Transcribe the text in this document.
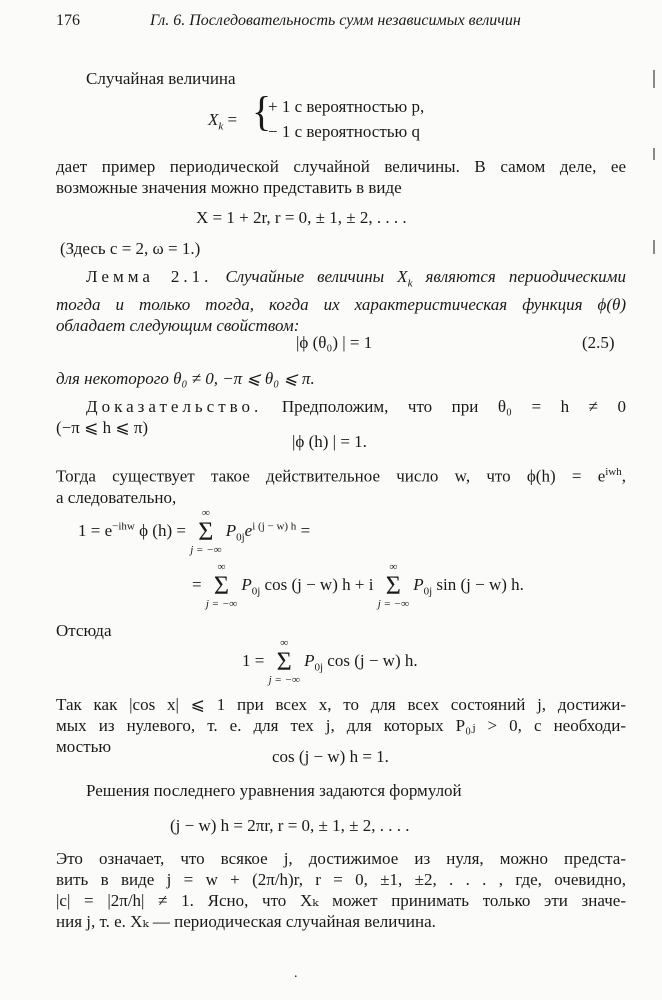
176	Гл. 6. Последовательность сумм независимых величин
Случайная величина
$X_k$ = {
+ 1 с вероятностью p,
− 1 с вероятностью q

дает пример периодической случайной величины. В самом деле, ее

возможные значения можно представить в виде

X = 1 + 2r, r = 0, ± 1, ± 2, . . . .
(Здесь c = 2, ω = 1.)

Лемма 2.1. Случайные величины $X_k$ являются периодическими

тогда и только тогда, когда их характеристическая функция ϕ(θ)

обладает следующим свойством:

|ϕ (θ₀) | = 1	(2.5)
для некоторого θ₀ ≠ 0, −π ⩽ θ₀ ⩽ π.

Доказательство. Предположим, что при θ₀ = h ≠ 0

(−π ⩽ h ⩽ π)

|ϕ (h) | = 1.

Тогда существует такое действительное число w, что $\phi(h) = e^{iwh}$,

а следовательно,

$1 = e^{-ihw}$ ϕ (h) =
∞
Σ
j = −∞
$P_{0j}e^{i (j - w) h}$ =
=
∞
Σ
j = −∞
$P_{0j}$ cos (j − w) h + i
∞
Σ
j = −∞
$P_{0j}$ sin (j − w) h.
Отсюда
1 =
∞
Σ
j = −∞
$P_{0j}$ cos (j − w) h.

Так как |cos x| ⩽ 1 при всех x, то для всех состояний j, достижи-

мых из нулевого, т. е. для тех j, для которых P₀ⱼ > 0, с необходи-

мостью

cos (j − w) h = 1.
Решения последнего уравнения задаются формулой
(j − w) h = 2πr, r = 0, ± 1, ± 2, . . . .

Это означает, что всякое j, достижимое из нуля, можно предста-

вить в виде j = w + (2π/h)r, r = 0, ±1, ±2, . . . , где, очевидно,

|c| = |2π/h| ≠ 1. Ясно, что Xₖ может принимать только эти значе-

ния j, т. е. Xₖ — периодическая случайная величина.

.
